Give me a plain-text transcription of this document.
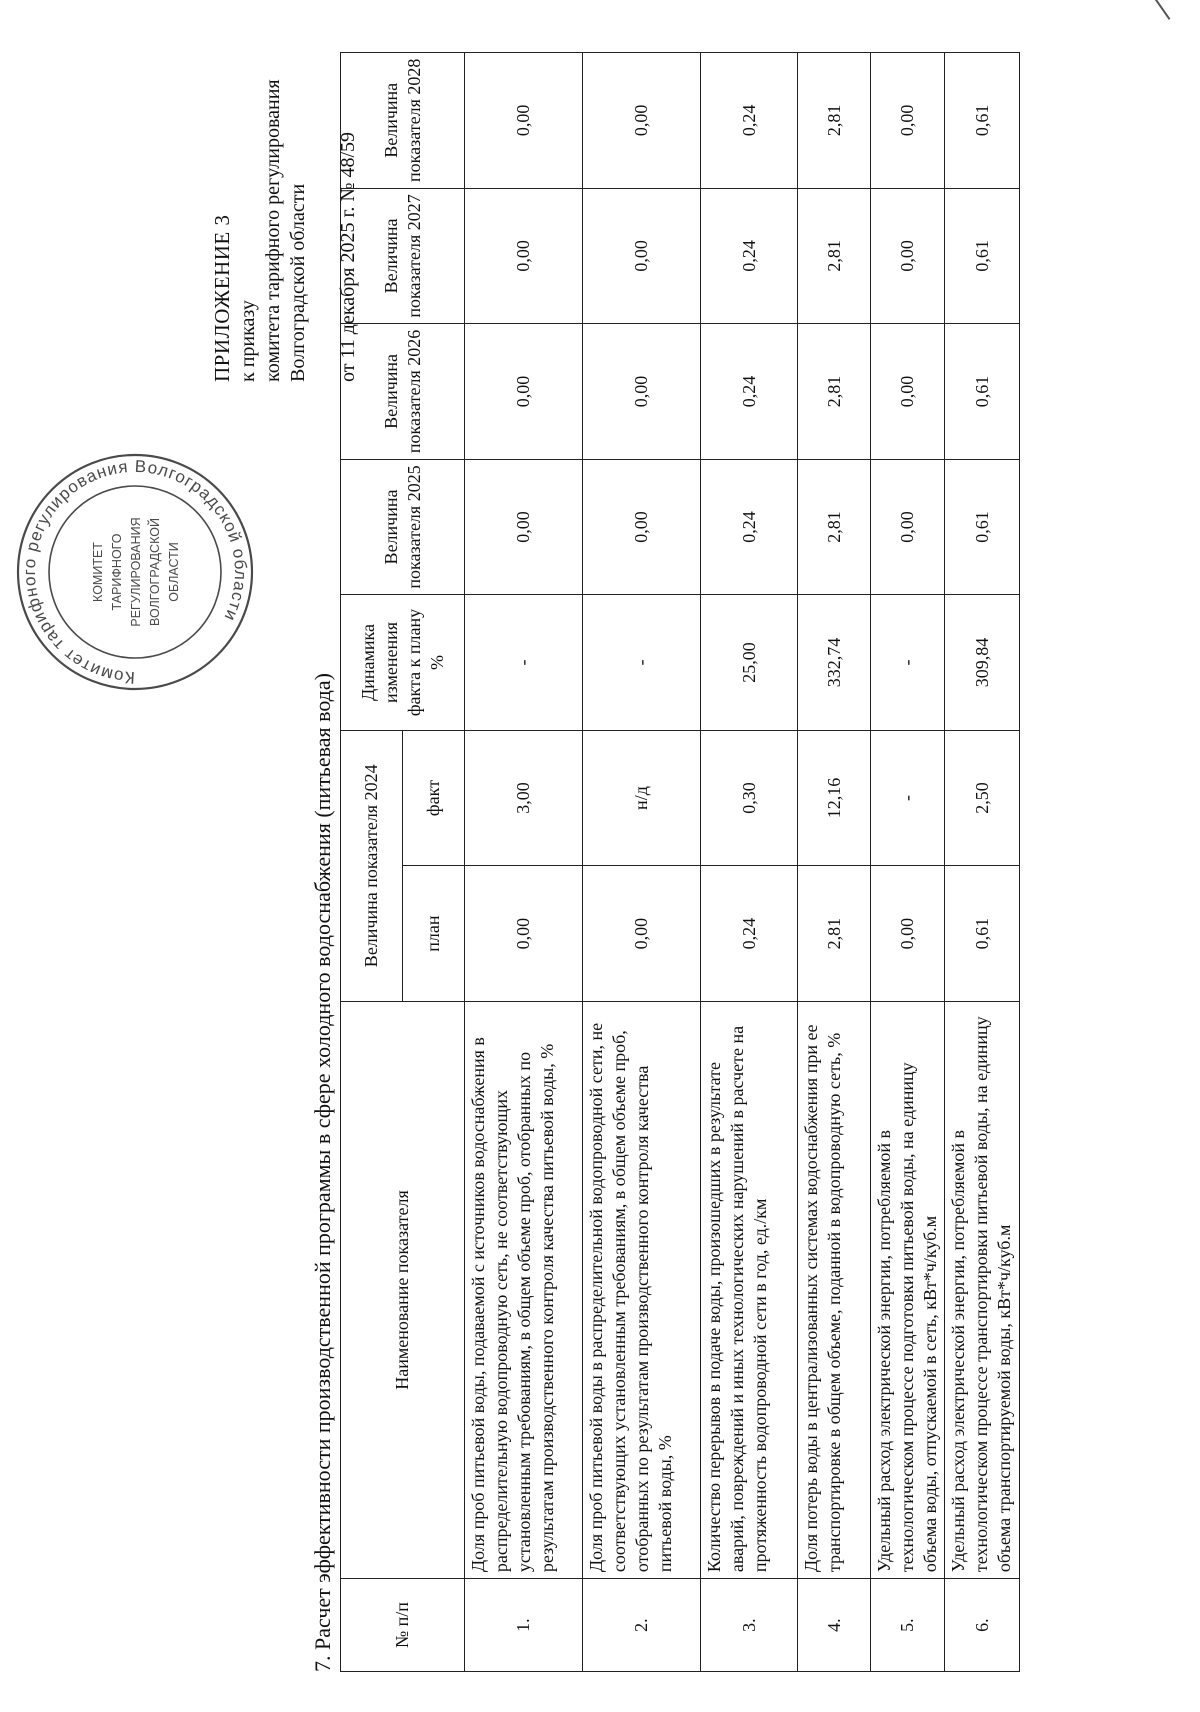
Комитет тарифного регулирования Волгоградской области
КОМИТЕТ ТАРИФНОГО РЕГУЛИРОВАНИЯ ВОЛГОГРАДСКОЙ ОБЛАСТИ
ПРИЛОЖЕНИЕ 3 к приказу комитета тарифного регулирования Волгоградской области от 11 декабря 2025 г. № 48/59
7. Расчет эффективности производственной программы в сфере холодного водоснабжения (питьевая вода)	№ п/п	Наименование показателя	Величина показателя 2024		Динамика изменения факта к плану %	Величина показателя 2025	Величина показателя 2026	Величина показателя 2027	Величина показателя 2028
		план	факт					
1.	Доля проб питьевой воды, подаваемой с источников водоснабжения в распределительную водопроводную сеть, не соответствующих установленным требованиям, в общем объеме проб, отобранных по результатам производственного контроля качества питьевой воды, %	0,00	3,00	-	0,00	0,00	0,00	0,00
2.	Доля проб питьевой воды в распределительной водопроводной сети, не соответствующих установленным требованиям, в общем объеме проб, отобранных по результатам производственного контроля качества питьевой воды, %	0,00	н/д	-	0,00	0,00	0,00	0,00
3.	Количество перерывов в подаче воды, произошедших в результате аварий, повреждений и иных технологических нарушений в расчете на протяженность водопроводной сети в год, ед./км	0,24	0,30	25,00	0,24	0,24	0,24	0,24
4.	Доля потерь воды в централизованных системах водоснабжения при ее транспортировке в общем объеме, поданной в водопроводную сеть, %	2,81	12,16	332,74	2,81	2,81	2,81	2,81
5.	Удельный расход электрической энергии, потребляемой в технологическом процессе подготовки питьевой воды, на единицу объема воды, отпускаемой в сеть, кВт*ч/куб.м	0,00	-	-	0,00	0,00	0,00	0,00
6.	Удельный расход электрической энергии, потребляемой в технологическом процессе транспортировки питьевой воды, на единицу объема транспортируемой воды, кВт*ч/куб.м	0,61	2,50	309,84	0,61	0,61	0,61	0,61
